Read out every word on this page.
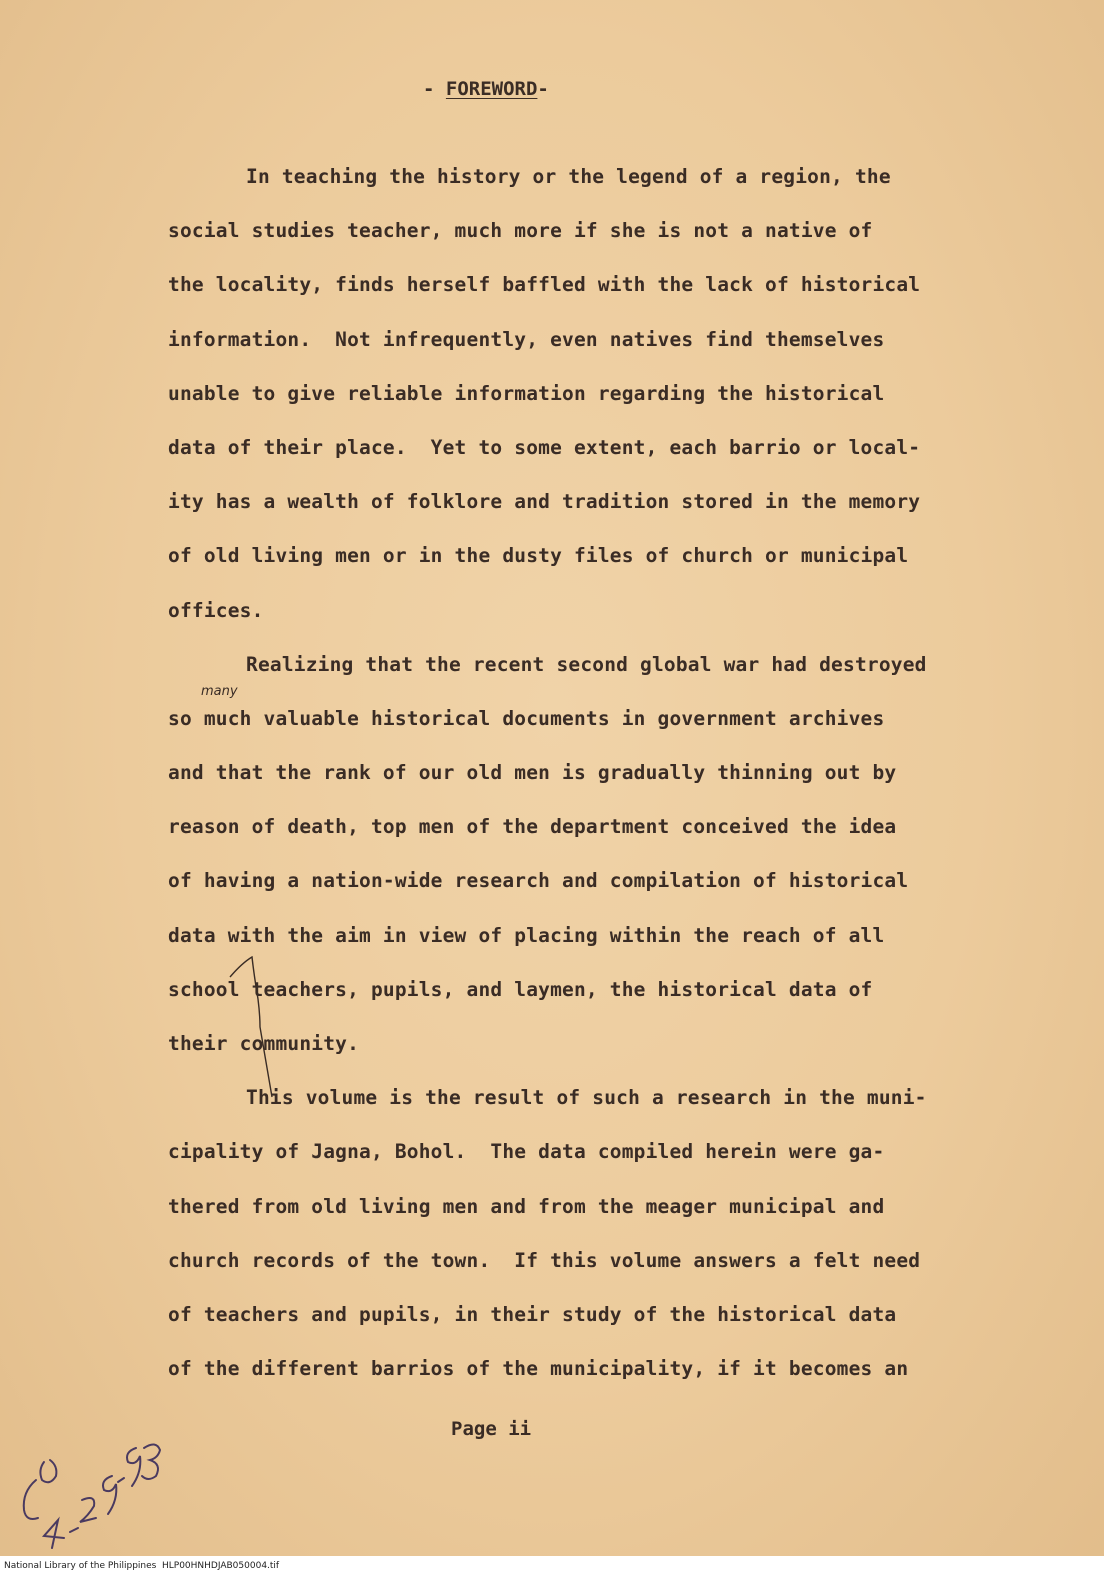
- FOREWORD-
In teaching the history or the legend of a region, the
social studies teacher, much more if she is not a native of
the locality, finds herself baffled with the lack of historical
information.  Not infrequently, even natives find themselves
unable to give reliable information regarding the historical
data of their place.  Yet to some extent, each barrio or local-
ity has a wealth of folklore and tradition stored in the memory
of old living men or in the dusty files of church or municipal
offices.
Realizing that the recent second global war had destroyed
so much valuable historical documents in government archives
and that the rank of our old men is gradually thinning out by
reason of death, top men of the department conceived the idea
of having a nation-wide research and compilation of historical
data with the aim in view of placing within the reach of all
school teachers, pupils, and laymen, the historical data of
their community.
This volume is the result of such a research in the muni-
cipality of Jagna, Bohol.  The data compiled herein were ga-
thered from old living men and from the meager municipal and
church records of the town.  If this volume answers a felt need
of teachers and pupils, in their study of the historical data
of the different barrios of the municipality, if it becomes an
many
Page ii
National Library of the Philippines HLP00HNHDJAB050004.tif
